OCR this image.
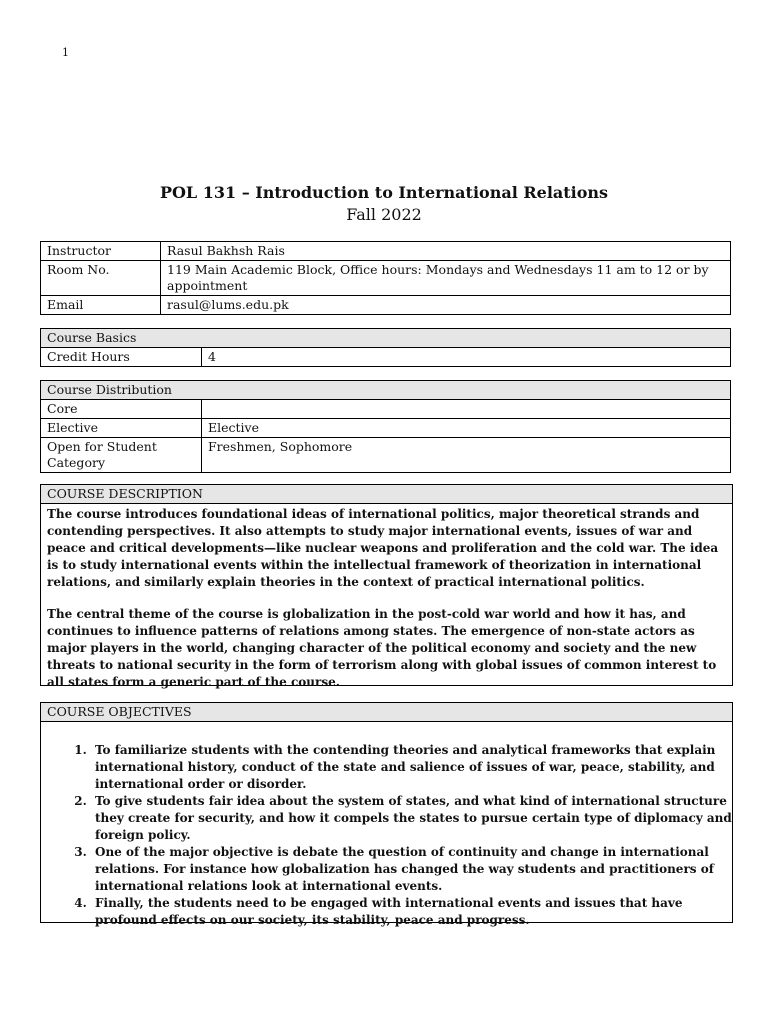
1
POL 131 – Introduction to International Relations
Fall 2022
Instructor	Rasul Bakhsh Rais
Room No.	119 Main Academic Block, Office hours: Mondays and Wednesdays 11 am to 12 or by appointment
Email	rasul@lums.edu.pk
Course Basics
Credit Hours	4
Course Distribution	
Core	
Elective	Elective
Open for Student Category	Freshmen, Sophomore
COURSE DESCRIPTION

The course introduces foundational ideas of international politics, major theoretical strands and contending perspectives. It also attempts to study major international events, issues of war and peace and critical developments—like nuclear weapons and proliferation and the cold war. The idea is to study international events within the intellectual framework of theorization in international relations, and similarly explain theories in the context of practical international politics.

The central theme of the course is globalization in the post-cold war world and how it has, and continues to influence patterns of relations among states. The emergence of non-state actors as major players in the world, changing character of the political economy and society and the new threats to national security in the form of terrorism along with global issues of common interest to all states form a generic part of the course.

COURSE OBJECTIVES
1. To familiarize students with the contending theories and analytical frameworks that explain international history, conduct of the state and salience of issues of war, peace, stability, and international order or disorder.
2. To give students fair idea about the system of states, and what kind of international structure they create for security, and how it compels the states to pursue certain type of diplomacy and foreign policy.
3. One of the major objective is debate the question of continuity and change in international relations. For instance how globalization has changed the way students and practitioners of international relations look at international events.
4. Finally, the students need to be engaged with international events and issues that have profound effects on our society, its stability, peace and progress.
